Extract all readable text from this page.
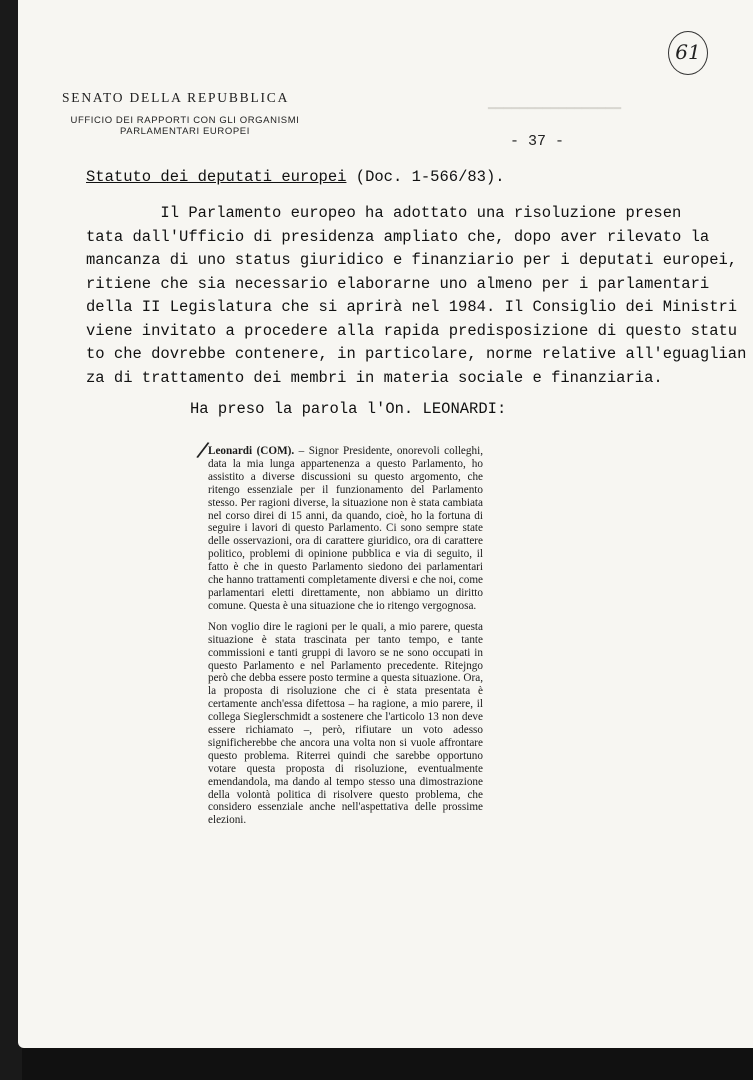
▁▁▁▁▁▁▁▁▁▁▁▁▁▁▁▁▁
61
SENATO DELLA REPUBBLICA
UFFICIO DEI RAPPORTI CON GLI ORGANISMI PARLAMENTARI EUROPEI
- 37 -
Statuto dei deputati europei (Doc. 1-566/83).
Il Parlamento europeo ha adottato una risoluzione presen
tata dall'Ufficio di presidenza ampliato che, dopo aver rilevato la
mancanza di uno status giuridico e finanziario per i deputati europei,
ritiene che sia necessario elaborarne uno almeno per i parlamentari
della II Legislatura che si aprirà nel 1984. Il Consiglio dei Ministri
viene invitato a procedere alla rapida predisposizione di questo statu
to che dovrebbe contenere, in particolare, norme relative all'eguaglian
za di trattamento dei membri in materia sociale e finanziaria.
Ha preso la parola l'On. LEONARDI:
/

Leonardi (COM). – Signor Presidente, onorevoli colleghi, data la mia lunga appartenenza a questo Parlamento, ho assistito a diverse discussioni su questo argomento, che ritengo essenziale per il funzionamento del Parlamento stesso. Per ragioni diverse, la situazione non è stata cambiata nel corso direi di 15 anni, da quando, cioè, ho la fortuna di seguire i lavori di questo Parlamento. Ci sono sempre state delle osservazioni, ora di carattere giuridico, ora di carattere politico, problemi di opinione pubblica e via di seguito, il fatto è che in questo Parlamento siedono dei parlamentari che hanno trattamenti completamente diversi e che noi, come parlamentari eletti direttamente, non abbiamo un diritto comune. Questa è una situazione che io ritengo vergognosa.

Non voglio dire le ragioni per le quali, a mio parere, questa situazione è stata trascinata per tanto tempo, e tante commissioni e tanti gruppi di lavoro se ne sono occupati in questo Parlamento e nel Parlamento precedente. Ritejngo però che debba essere posto termine a questa situazione. Ora, la proposta di risoluzione che ci è stata presentata è certamente anch'essa difettosa – ha ragione, a mio parere, il collega Sieglerschmidt a sostenere che l'articolo 13 non deve essere richiamato –, però, rifiutare un voto adesso significherebbe che ancora una volta non si vuole affrontare questo problema. Riterrei quindi che sarebbe opportuno votare questa proposta di risoluzione, eventualmente emendandola, ma dando al tempo stesso una dimostrazione della volontà politica di risolvere questo problema, che considero essenziale anche nell'aspettativa delle prossime elezioni.
